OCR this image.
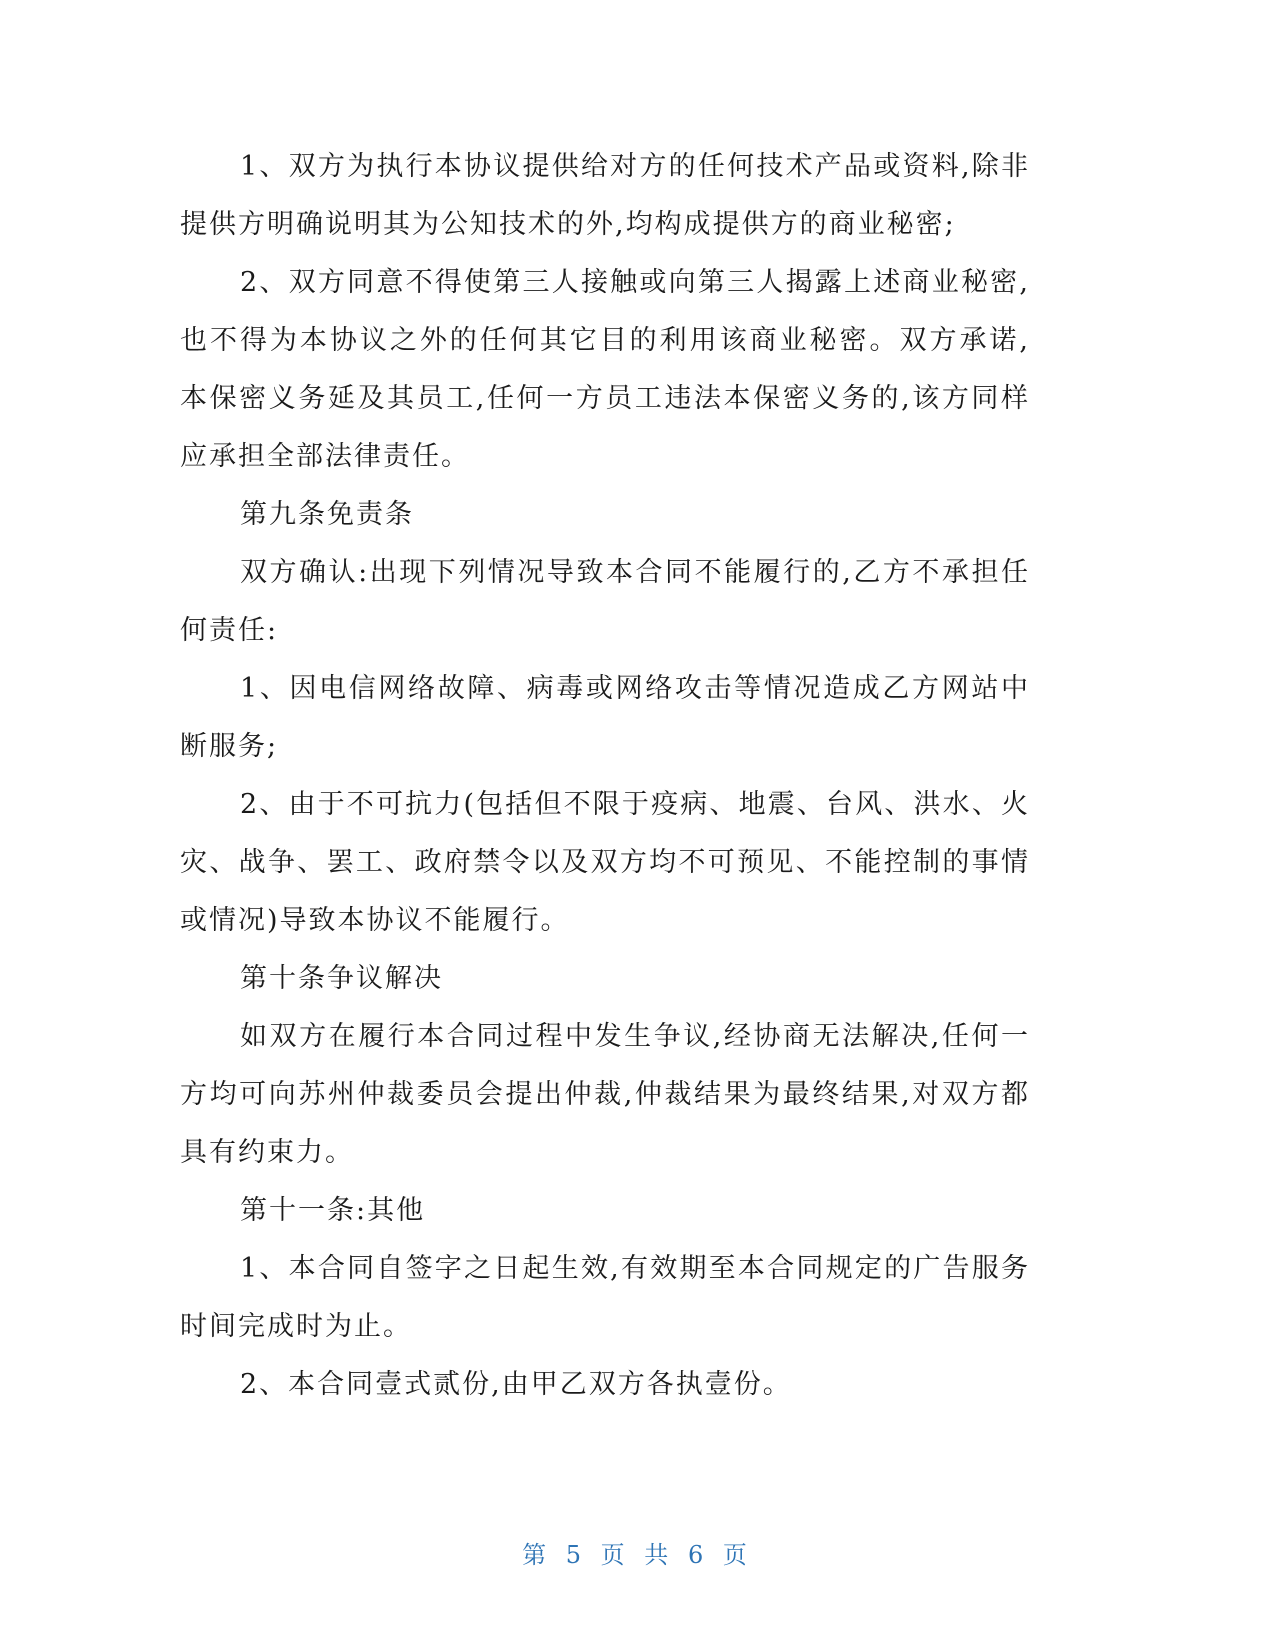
1、双方为执行本协议提供给对方的任何技术产品或资料,除非提供方明确说明其为公知技术的外,均构成提供方的商业秘密;

2、双方同意不得使第三人接触或向第三人揭露上述商业秘密,也不得为本协议之外的任何其它目的利用该商业秘密。双方承诺,本保密义务延及其员工,任何一方员工违法本保密义务的,该方同样应承担全部法律责任。

第九条免责条

双方确认:出现下列情况导致本合同不能履行的,乙方不承担任何责任:

1、因电信网络故障、病毒或网络攻击等情况造成乙方网站中断服务;

2、由于不可抗力(包括但不限于疫病、地震、台风、洪水、火灾、战争、罢工、政府禁令以及双方均不可预见、不能控制的事情或情况)导致本协议不能履行。

第十条争议解决

如双方在履行本合同过程中发生争议,经协商无法解决,任何一方均可向苏州仲裁委员会提出仲裁,仲裁结果为最终结果,对双方都具有约束力。

第十一条:其他

1、本合同自签字之日起生效,有效期至本合同规定的广告服务时间完成时为止。

2、本合同壹式贰份,由甲乙双方各执壹份。

第 5 页 共 6 页
